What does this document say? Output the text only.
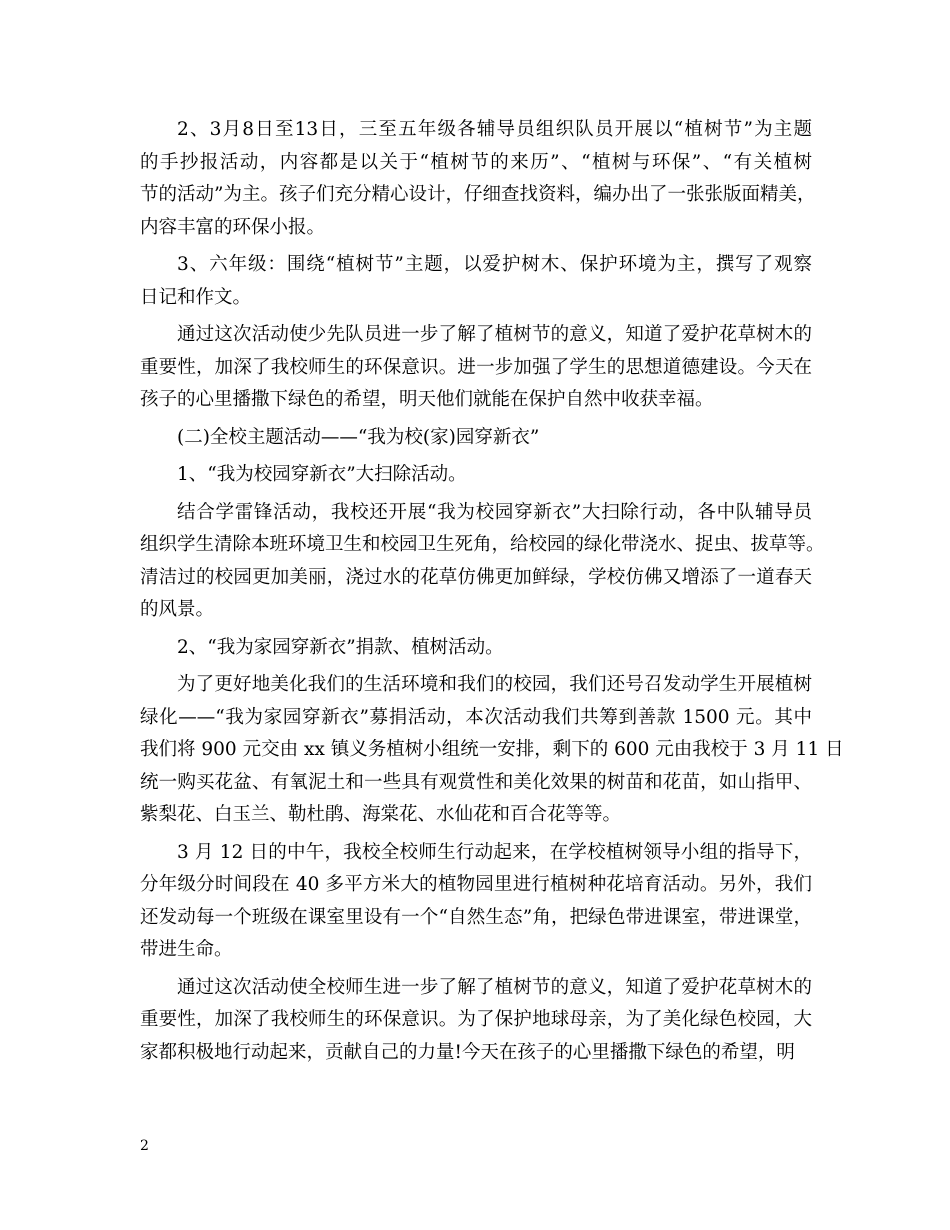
2、3月8日至13日，三至五年级各辅导员组织队员开展以“植树节”为主题
的手抄报活动，内容都是以关于“植树节的来历”、“植树与环保”、“有关植树
节的活动”为主。孩子们充分精心设计，仔细查找资料，编办出了一张张版面精美，
内容丰富的环保小报。
3、六年级：围绕“植树节”主题，以爱护树木、保护环境为主，撰写了观察
日记和作文。
通过这次活动使少先队员进一步了解了植树节的意义，知道了爱护花草树木的
重要性，加深了我校师生的环保意识。进一步加强了学生的思想道德建设。今天在
孩子的心里播撒下绿色的希望，明天他们就能在保护自然中收获幸福。
(二)全校主题活动——“我为校(家)园穿新衣”
1、“我为校园穿新衣”大扫除活动。
结合学雷锋活动，我校还开展“我为校园穿新衣”大扫除行动，各中队辅导员
组织学生清除本班环境卫生和校园卫生死角，给校园的绿化带浇水、捉虫、拔草等。
清洁过的校园更加美丽，浇过水的花草仿佛更加鲜绿，学校仿佛又增添了一道春天
的风景。
2、“我为家园穿新衣”捐款、植树活动。
为了更好地美化我们的生活环境和我们的校园，我们还号召发动学生开展植树
绿化——“我为家园穿新衣”募捐活动，本次活动我们共筹到善款 1500 元。其中
我们将 900 元交由 xx 镇义务植树小组统一安排，剩下的 600 元由我校于 3 月 11 日
统一购买花盆、有氧泥土和一些具有观赏性和美化效果的树苗和花苗，如山指甲、
紫梨花、白玉兰、勒杜鹃、海棠花、水仙花和百合花等等。
3 月 12 日的中午，我校全校师生行动起来，在学校植树领导小组的指导下，
分年级分时间段在 40 多平方米大的植物园里进行植树种花培育活动。另外，我们
还发动每一个班级在课室里设有一个“自然生态”角，把绿色带进课室，带进课堂，
带进生命。
通过这次活动使全校师生进一步了解了植树节的意义，知道了爱护花草树木的
重要性，加深了我校师生的环保意识。为了保护地球母亲，为了美化绿色校园，大
家都积极地行动起来，贡献自己的力量!今天在孩子的心里播撒下绿色的希望，明
2
